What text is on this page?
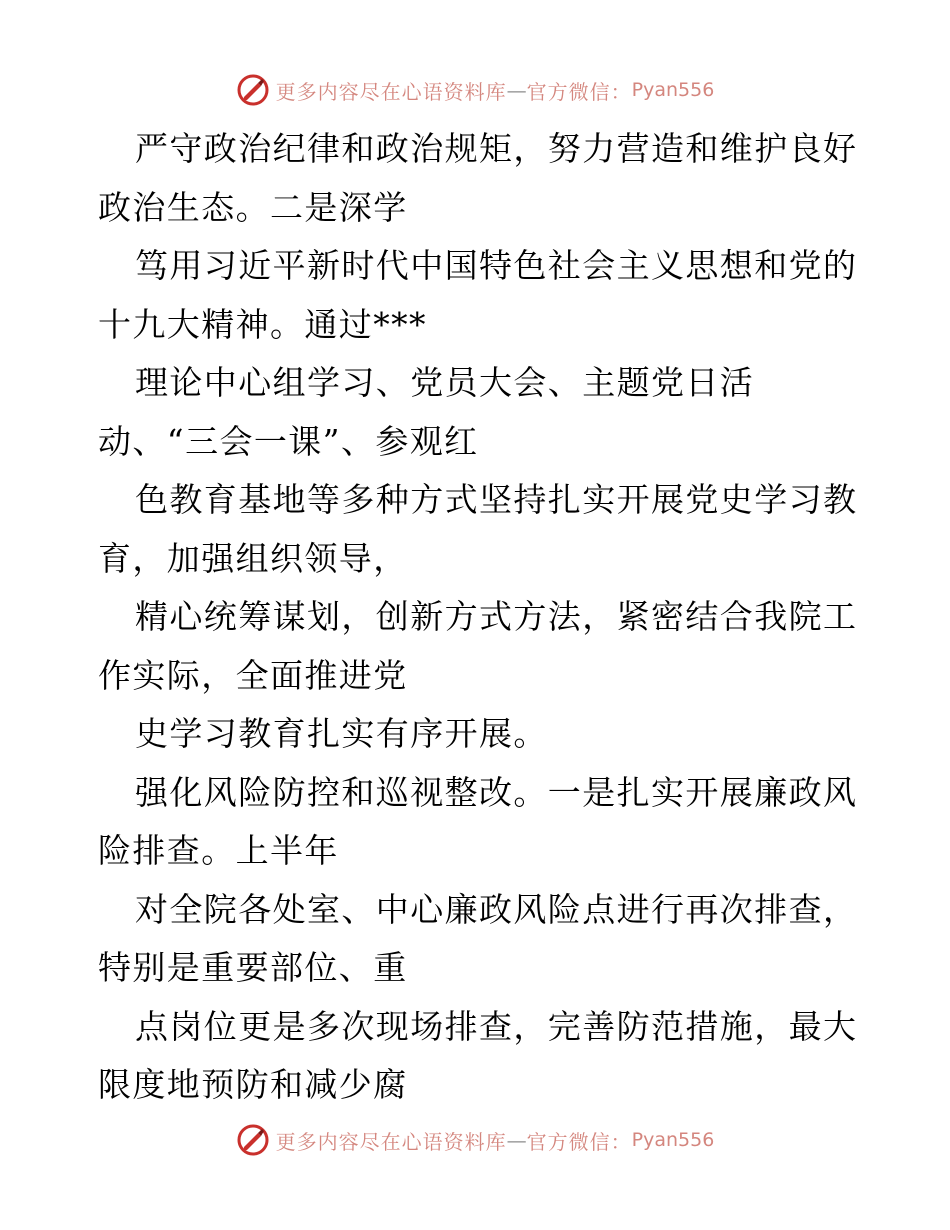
更多内容尽在心语资料库 — 官方微信： Pyan556
严守政治纪律和政治规矩，努力营造和维护良好
政治生态。二是深学
笃用习近平新时代中国特色社会主义思想和党的
十九大精神。通过***
理论中心组学习、党员大会、主题党日活
动、“三会一课”、参观红
色教育基地等多种方式坚持扎实开展党史学习教
育，加强组织领导，
精心统筹谋划，创新方式方法，紧密结合我院工
作实际，全面推进党
史学习教育扎实有序开展。
强化风险防控和巡视整改。一是扎实开展廉政风
险排查。上半年
对全院各处室、中心廉政风险点进行再次排查，
特别是重要部位、重
点岗位更是多次现场排查，完善防范措施，最大
限度地预防和减少腐
更多内容尽在心语资料库 — 官方微信： Pyan556
